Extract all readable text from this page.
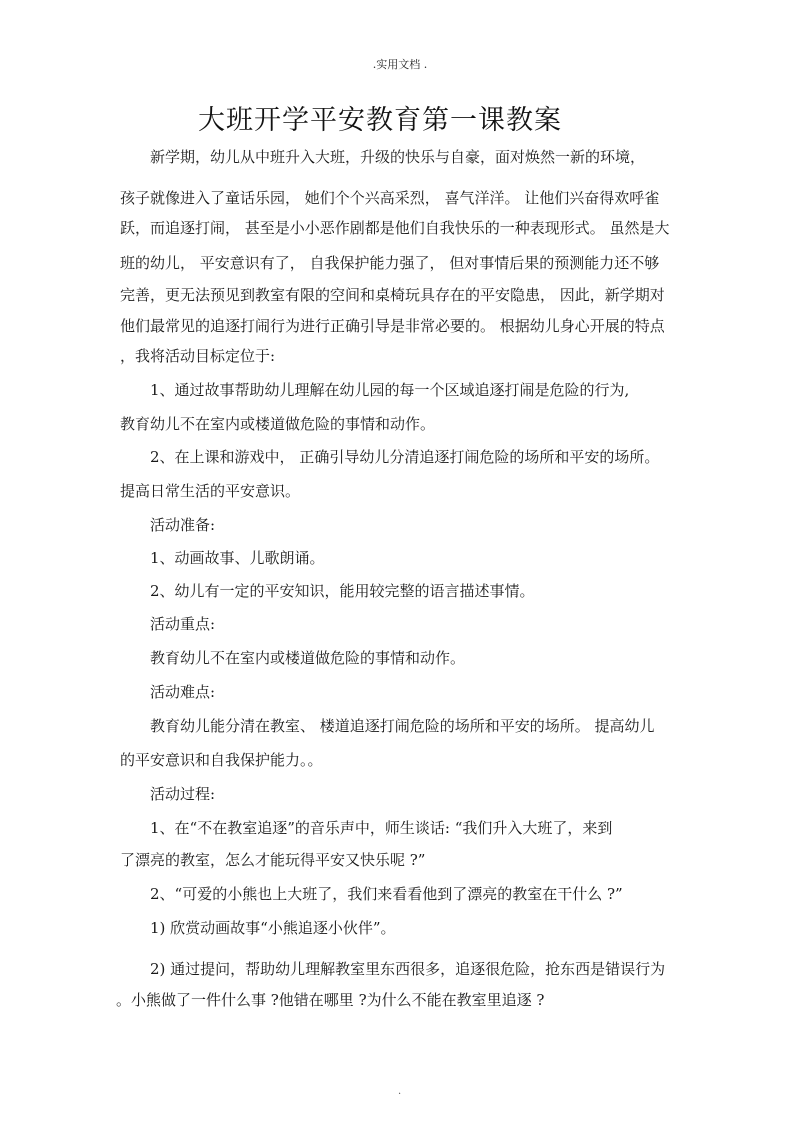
.实用文档 .
大班开学平安教育第一课教案
新学期，幼儿从中班升入大班，升级的快乐与自豪，面对焕然一新的环境，
孩子就像进入了童话乐园， 她们个个兴高采烈， 喜气洋洋。 让他们兴奋得欢呼雀
跃，而追逐打闹， 甚至是小小恶作剧都是他们自我快乐的一种表现形式。 虽然是大
班的幼儿， 平安意识有了， 自我保护能力强了， 但对事情后果的预测能力还不够
完善，更无法预见到教室有限的空间和桌椅玩具存在的平安隐患， 因此，新学期对
他们最常见的追逐打闹行为进行正确引导是非常必要的。 根据幼儿身心开展的特点
，我将活动目标定位于:
1、通过故事帮助幼儿理解在幼儿园的每一个区域追逐打闹是危险的行为,
教育幼儿不在室内或楼道做危险的事情和动作。
2、在上课和游戏中， 正确引导幼儿分清追逐打闹危险的场所和平安的场所。
提高日常生活的平安意识。
活动准备:
1、动画故事、儿歌朗诵。
2、幼儿有一定的平安知识，能用较完整的语言描述事情。
活动重点:
教育幼儿不在室内或楼道做危险的事情和动作。
活动难点:
教育幼儿能分清在教室、 楼道追逐打闹危险的场所和平安的场所。 提高幼儿
的平安意识和自我保护能力。。
活动过程:
1、在“不在教室追逐”的音乐声中，师生谈话: “我们升入大班了，来到
了漂亮的教室，怎么才能玩得平安又快乐呢 ?”
2、“可爱的小熊也上大班了，我们来看看他到了漂亮的教室在干什么 ?”
1) 欣赏动画故事“小熊追逐小伙伴”。
2) 通过提问，帮助幼儿理解教室里东西很多，追逐很危险，抢东西是错误行为
。小熊做了一件什么事 ?他错在哪里 ?为什么不能在教室里追逐 ?
.
